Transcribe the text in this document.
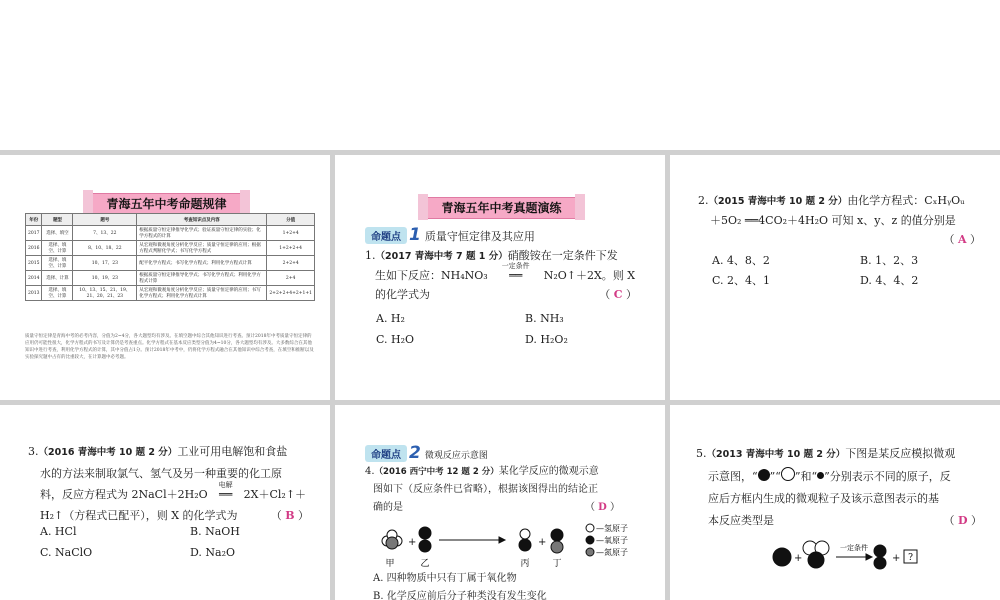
青海五年中考命题规律
年份	题型	题号	考查知识点及内容	分值
2017	选择、填空	7、13、22	根据质量守恒定律推导化学式；验证质量守恒定律的实验；化学方程式的计算	1+2+4
2016	选择、填空、计算	8、10、18、22	从宏观和微观角度分析化学反应；质量守恒定律的应用；根据方程式判断化学式；书写化学方程式	1+2+2+4
2015	选择、填空、计算	10、17、23	配平化学方程式；书写化学方程式；利用化学方程式计算	2+2+4
2014	选择、计算	10、19、23	根据质量守恒定律推导化学式；书写化学方程式；利用化学方程式计算	2+4
2013	选择、填空、计算	10、13、15、21、19、21、20、21、23	从宏观和微观角度分析化学反应；质量守恒定律的应用；书写化学方程式；利用化学方程式计算	2+2+2+4+2+1+1
质量守恒定律是青海中考的必考内容，分值为2~4分，各大题型均有涉及。在填空题中综合其他知识进行考查。预计2018年中考质量守恒定律的应用仍可能性很大，化学方程式的书写及计算仍是考查重点。化学方程式在基本反应类型分值为4~10分，各大题型均有涉及。大多数综合在其他知识中进行考查，利用化学方程式的计算，其中分值占1分。预计2018年中考中，仍将化学方程式融合在其他知识中综合考查，在填空和推断以及实验探究题中占有的比重较大，在计算题中必考题。
青海五年中考真题演练
命题点 1 质量守恒定律及其应用
1.（2017 青海中考 7 题 1 分）硝酸铵在一定条件下发
生如下反应：NH₄NO₃
一定条件
══ N₂O↑＋2X。则 X
的化学式为	（ C ）
A. H₂	B. NH₃
C. H₂O	D. H₂O₂
2.（2015 青海中考 10 题 2 分）由化学方程式：CₓHᵧOᵤ
＋5O₂ ══4CO₂＋4H₂O 可知 x、y、z 的值分别是
（ A ）
A. 4、8、2	B. 1、2、3
C. 2、4、1	D. 4、4、2
3.（2016 青海中考 10 题 2 分）工业可用电解饱和食盐
水的方法来制取氯气、氢气及另一种重要的化工原
料，反应方程式为 2NaCl＋2H₂O
电解
══ 2X＋Cl₂↑＋
H₂↑（方程式已配平），则 X 的化学式为	（ B ）
A. HCl	B. NaOH
C. NaClO	D. Na₂O
命题点 2 微观反应示意图
4.（2016 西宁中考 12 题 2 分）某化学反应的微观示意
图如下（反应条件已省略），根据该图得出的结论正
确的是	（ D ）
+	+
甲	乙	丙	丁
—氢原子
—氧原子
—氮原子
A. 四种物质中只有丁属于氧化物
B. 化学反应前后分子种类没有发生变化
5.（2013 青海中考 10 题 2 分）下图是某反应模拟微观
示意图，“ ”“ ”和“ ”分别表示不同的原子，反
应后方框内生成的微观粒子及该示意图表示的基
本反应类型是	（ D ）
+	+
一定条件
?
